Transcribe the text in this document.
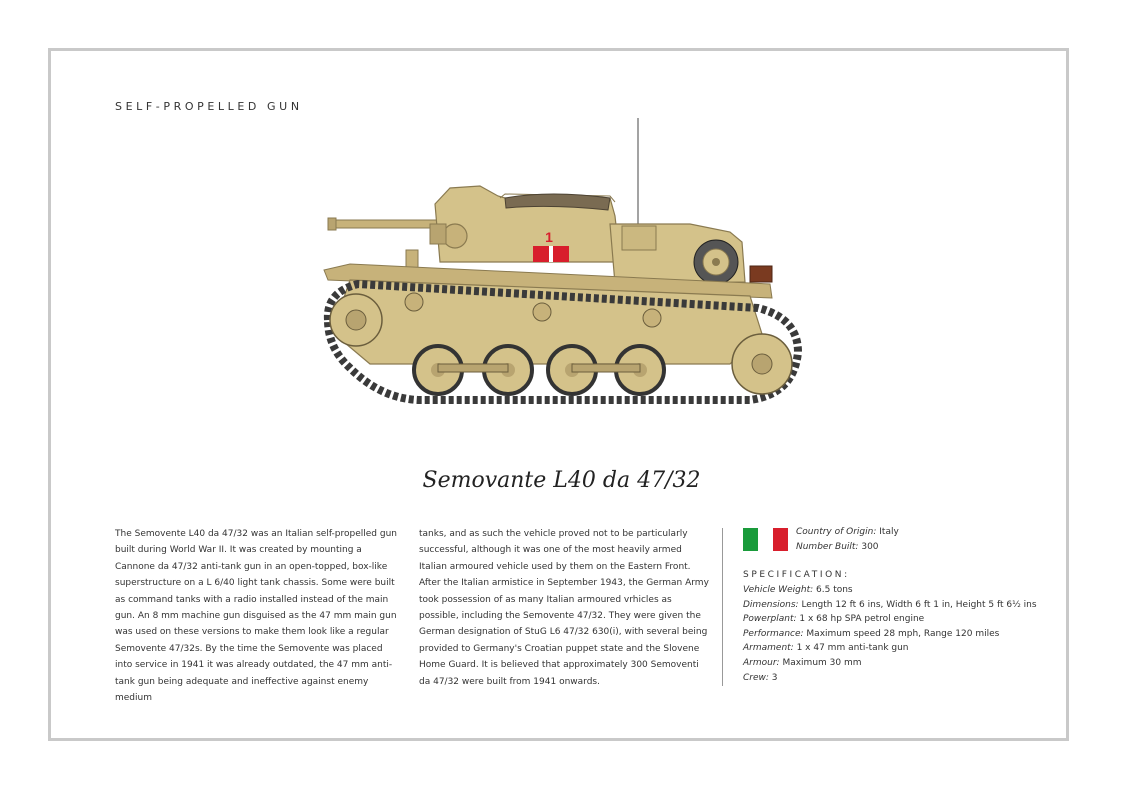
SELF-PROPELLED GUN
1
Semovante L40 da 47/32
The Semovente L40 da 47/32 was an Italian self-propelled gun built during World War II. It was created by mounting a Cannone da 47/32 anti-tank gun in an open-topped, box-like superstructure on a L 6/40 light tank chassis. Some were built as command tanks with a radio installed instead of the main gun. An 8 mm machine gun disguised as the 47 mm main gun was used on these versions to make them look like a regular Semovente 47/32s. By the time the Semovente was placed into service in 1941 it was already outdated, the 47 mm anti-tank gun being adequate and ineffective against enemy medium
tanks, and as such the vehicle proved not to be particularly successful, although it was one of the most heavily armed Italian armoured vehicle used by them on the Eastern Front. After the Italian armistice in September 1943, the German Army took possession of as many Italian armoured vrhicles as possible, including the Semovente 47/32. They were given the German designation of StuG L6 47/32 630(i), with several being provided to Germany's Croatian puppet state and the Slovene Home Guard. It is believed that approximately 300 Semoventi da 47/32 were built from 1941 onwards.
Country of Origin: Italy
Number Built: 300
SPECIFICATION:
Vehicle Weight: 6.5 tons
Dimensions: Length 12 ft 6 ins, Width 6 ft 1 in, Height 5 ft 6½ ins
Powerplant: 1 x 68 hp SPA petrol engine
Performance: Maximum speed 28 mph, Range 120 miles
Armament: 1 x 47 mm anti-tank gun
Armour: Maximum 30 mm
Crew: 3
